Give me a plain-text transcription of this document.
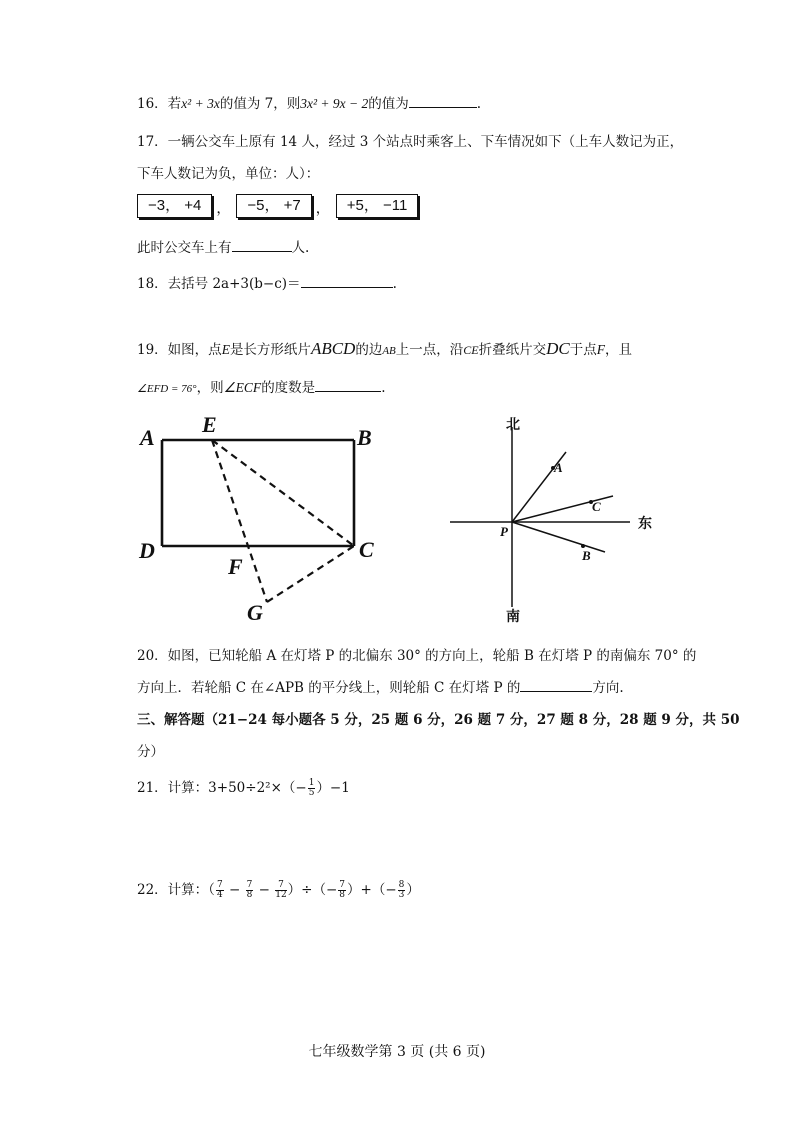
16．若x² + 3x的值为 7，则3x² + 9x − 2的值为	.
17．一辆公交车上原有 14 人，经过 3 个站点时乘客上、下车情况如下（上车人数记为正，
下车人数记为负，单位：人）：
−3， +4	，	−5， +7	，	+5， −11
此时公交车上有	人.
18．去括号 2a+3(b−c)＝	.
19．如图，点E是长方形纸片ABCD的边AB上一点，沿CE折叠纸片交DC于点F，且
∠EFD = 76°，则∠ECF的度数是	.
A
E
B
D	C
F
G
北
南
东
P
A
C
B
20．如图，已知轮船 A 在灯塔 P 的北偏东 30° 的方向上，轮船 B 在灯塔 P 的南偏东 70° 的
方向上．若轮船 C 在∠APB 的平分线上，则轮船 C 在灯塔 P 的	方向.
三、解答题（21−24 每小题各 5 分，25 题 6 分，26 题 7 分，27 题 8 分，28 题 9 分，共 50
分）
21．计算：$3+50\div 2^2\times(- \frac{1}{5} )-1$
22．计算：（ $\frac{7}{4} - \frac{7}{8} - \frac{7}{12}$ ）÷（− $\frac{7}{8}$ ）+（− $\frac{8}{3}$ ）
七年级数学第 3 页 (共 6 页)
